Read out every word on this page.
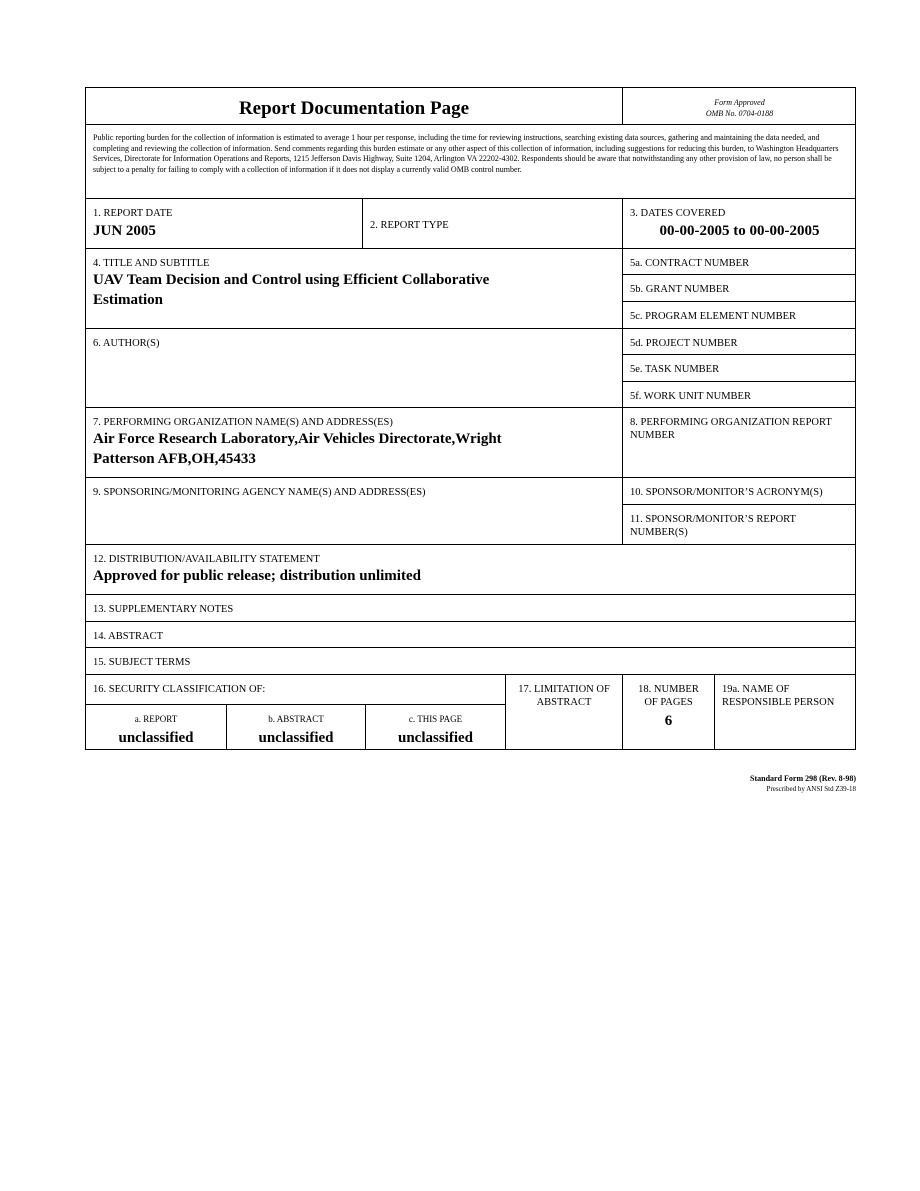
Report Documentation Page	Form Approved
OMB No. 0704-0188
Public reporting burden for the collection of information is estimated to average 1 hour per response, including the time for reviewing instructions, searching existing data sources, gathering and maintaining the data needed, and completing and reviewing the collection of information. Send comments regarding this burden estimate or any other aspect of this collection of information, including suggestions for reducing this burden, to Washington Headquarters Services, Directorate for Information Operations and Reports, 1215 Jefferson Davis Highway, Suite 1204, Arlington VA 22202-4302. Respondents should be aware that notwithstanding any other provision of law, no person shall be subject to a penalty for failing to comply with a collection of information if it does not display a currently valid OMB control number.
1. REPORT DATE
JUN 2005	2. REPORT TYPE
3. DATES COVERED
00-00-2005 to 00-00-2005
4. TITLE AND SUBTITLE
UAV Team Decision and Control using Efficient Collaborative Estimation
5a. CONTRACT NUMBER
5b. GRANT NUMBER
5c. PROGRAM ELEMENT NUMBER
6. AUTHOR(S)	5d. PROJECT NUMBER
5e. TASK NUMBER
5f. WORK UNIT NUMBER
7. PERFORMING ORGANIZATION NAME(S) AND ADDRESS(ES)
Air Force Research Laboratory,Air Vehicles Directorate,Wright Patterson AFB,OH,45433
8. PERFORMING ORGANIZATION REPORT NUMBER
9. SPONSORING/MONITORING AGENCY NAME(S) AND ADDRESS(ES)	10. SPONSOR/MONITOR’S ACRONYM(S)
11. SPONSOR/MONITOR’S REPORT NUMBER(S)
12. DISTRIBUTION/AVAILABILITY STATEMENT
Approved for public release; distribution unlimited
13. SUPPLEMENTARY NOTES
14. ABSTRACT
15. SUBJECT TERMS
16. SECURITY CLASSIFICATION OF:
a. REPORT
unclassified
b. ABSTRACT
unclassified
c. THIS PAGE
unclassified
17. LIMITATION OF ABSTRACT
18. NUMBER OF PAGES
6
19a. NAME OF RESPONSIBLE PERSON
Standard Form 298 (Rev. 8-98)
Prescribed by ANSI Std Z39-18
